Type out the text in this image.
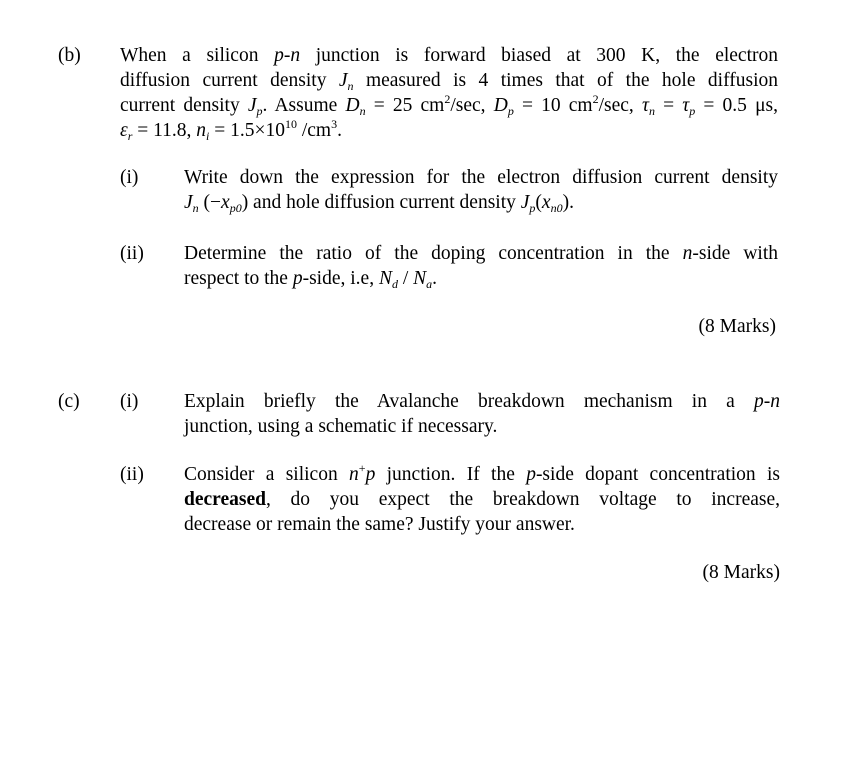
(b) When a silicon p-n junction is forward biased at 300 K, the electron
diffusion current density $J_n$ measured is 4 times that of the hole diffusion
current density $J_p$. Assume $D_n = 25$ $cm^2/\sec$, $D_p = 10$ $cm^2/\sec$, $\tau_n = \tau_p = 0.5$ μs,
$\varepsilon_r = 11.8$, $n_i = 1.5\times 10^{10}$ $/cm^3$.
(i) Write down the expression for the electron diffusion current density
$J_n$ $(-x_{p0})$ and hole diffusion current density $J_p(x_{n0})$.
(ii) Determine the ratio of the doping concentration in the n-side with
respect to the p-side, i.e, $N_d / N_a$.
(8 Marks)
(c) (i) Explain briefly the Avalanche breakdown mechanism in a p-n
junction, using a schematic if necessary.
(ii) Consider a silicon n+p junction. If the p-side dopant concentration is
decreased, do you expect the breakdown voltage to increase,
decrease or remain the same? Justify your answer.
(8 Marks)
